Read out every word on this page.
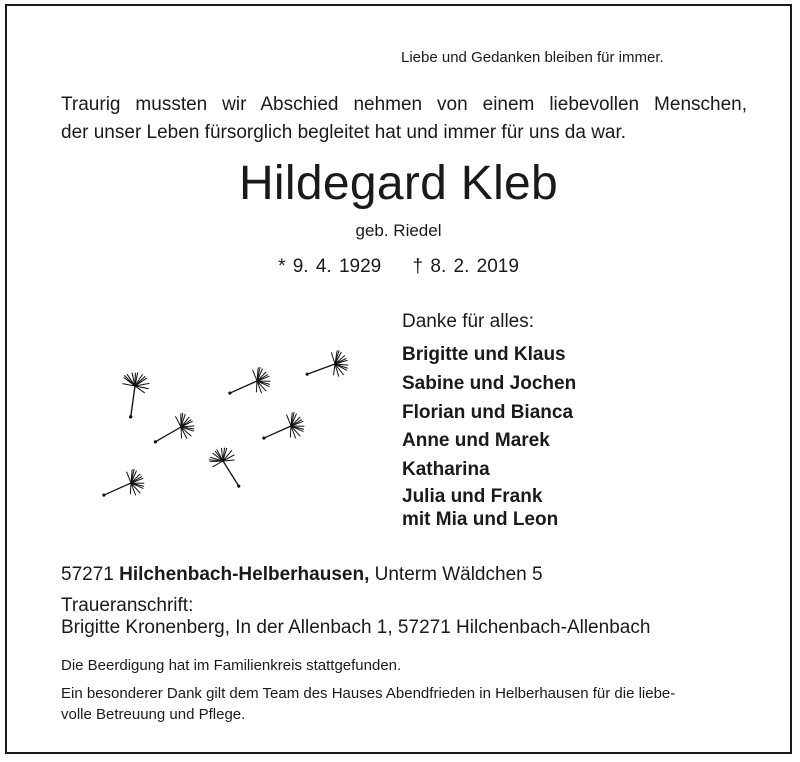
Liebe und Gedanken bleiben für immer.
Traurig mussten wir Abschied nehmen von einem liebevollen Menschen,
der unser Leben fürsorglich begleitet hat und immer für uns da war.
Hildegard Kleb
geb. Riedel
* 9. 4. 1929 † 8. 2. 2019
Danke für alles:
Brigitte und Klaus
Sabine und Jochen
Florian und Bianca
Anne und Marek
Katharina
Julia und Frank
mit Mia und Leon
57271 Hilchenbach-Helberhausen, Unterm Wäldchen 5
Traueranschrift:
Brigitte Kronenberg, In der Allenbach 1, 57271 Hilchenbach-Allenbach
Die Beerdigung hat im Familienkreis stattgefunden.
Ein besonderer Dank gilt dem Team des Hauses Abendfrieden in Helberhausen für die liebe-
volle Betreuung und Pflege.
